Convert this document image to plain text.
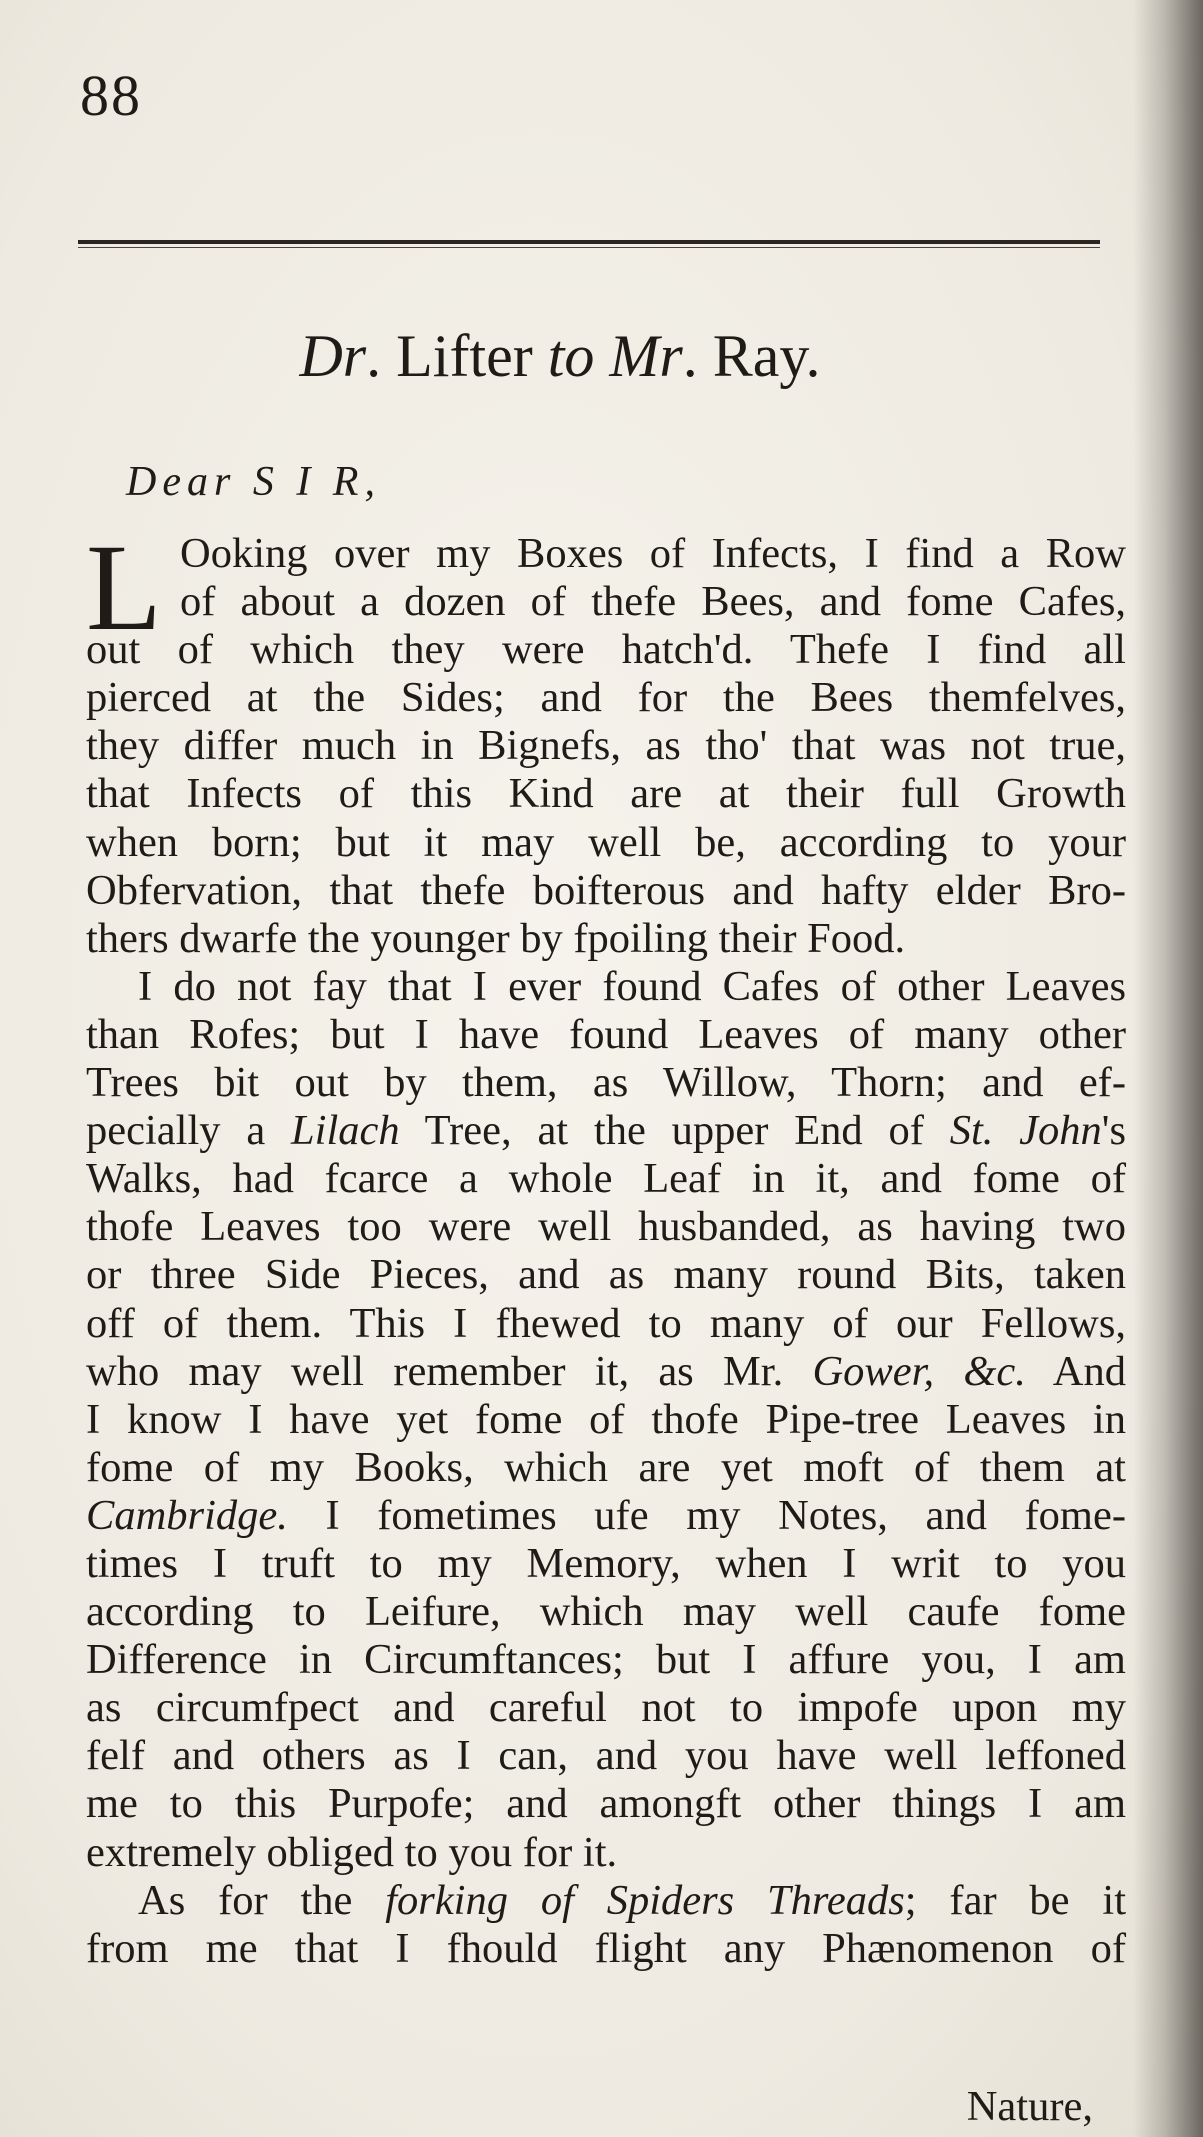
88
Dr. Lifter to Mr. Ray.
Dear S I R,
L Ooking over my Boxes of Infects, I find a Row
of about a dozen of thefe Bees, and fome Cafes,
out of which they were hatch'd. Thefe I find all
pierced at the Sides; and for the Bees themfelves,
they differ much in Bignefs, as tho' that was not true,
that Infects of this Kind are at their full Growth
when born; but it may well be, according to your
Obfervation, that thefe boifterous and hafty elder Bro-
thers dwarfe the younger by fpoiling their Food.
I do not fay that I ever found Cafes of other Leaves
than Rofes; but I have found Leaves of many other
Trees bit out by them, as Willow, Thorn; and ef-
pecially a Lilach Tree, at the upper End of St. John's
Walks, had fcarce a whole Leaf in it, and fome of
thofe Leaves too were well husbanded, as having two
or three Side Pieces, and as many round Bits, taken
off of them. This I fhewed to many of our Fellows,
who may well remember it, as Mr. Gower, &c. And
I know I have yet fome of thofe Pipe-tree Leaves in
fome of my Books, which are yet moft of them at
Cambridge. I fometimes ufe my Notes, and fome-
times I truft to my Memory, when I writ to you
according to Leifure, which may well caufe fome
Difference in Circumftances; but I affure you, I am
as circumfpect and careful not to impofe upon my
felf and others as I can, and you have well leffoned
me to this Purpofe; and amongft other things I am
extremely obliged to you for it.
As for the forking of Spiders Threads; far be it
from me that I fhould flight any Phænomenon of
Nature,
